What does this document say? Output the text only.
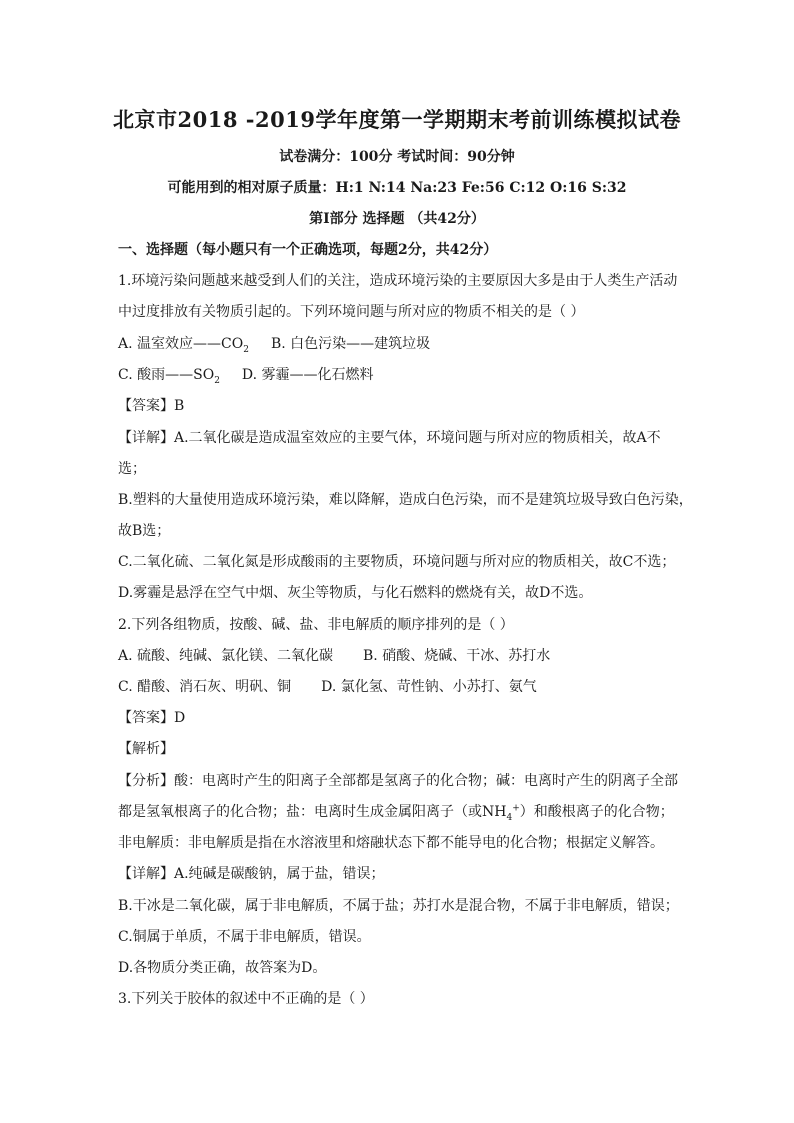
北京市2018 -2019学年度第一学期期末考前训练模拟试卷
试卷满分：100分 考试时间：90分钟
可能用到的相对原子质量：H:1 N:14 Na:23 Fe:56 C:12 O:16 S:32
第Ⅰ部分 选择题 （共42分）
一、选择题（每小题只有一个正确选项，每题2分，共42分）
1.环境污染问题越来越受到人们的关注，造成环境污染的主要原因大多是由于人类生产活动
中过度排放有关物质引起的。下列环境问题与所对应的物质不相关的是（ ）
A. 温室效应$——CO_2$ B. 白色污染——建筑垃圾
C. 酸雨$——SO_2$ D. 雾霾——化石燃料
【答案】B
【详解】A.二氧化碳是造成温室效应的主要气体，环境问题与所对应的物质相关，故A不
选；
B.塑料的大量使用造成环境污染，难以降解，造成白色污染，而不是建筑垃圾导致白色污染，
故B选；
C.二氧化硫、二氧化氮是形成酸雨的主要物质，环境问题与所对应的物质相关，故C不选；
D.雾霾是悬浮在空气中烟、灰尘等物质，与化石燃料的燃烧有关，故D不选。
2.下列各组物质，按酸、碱、盐、非电解质的顺序排列的是（ ）
A. 硫酸、纯碱、氯化镁、二氧化碳 B. 硝酸、烧碱、干冰、苏打水
C. 醋酸、消石灰、明矾、铜 D. 氯化氢、苛性钠、小苏打、氨气
【答案】D
【解析】
【分析】酸：电离时产生的阳离子全部都是氢离子的化合物；碱：电离时产生的阴离子全部
都是氢氧根离子的化合物；盐：电离时生成金属阳离子（或$NH_4^+$）和酸根离子的化合物；
非电解质：非电解质是指在水溶液里和熔融状态下都不能导电的化合物；根据定义解答。
【详解】A.纯碱是碳酸钠，属于盐，错误；
B.干冰是二氧化碳，属于非电解质，不属于盐；苏打水是混合物，不属于非电解质，错误；
C.铜属于单质，不属于非电解质，错误。
D.各物质分类正确，故答案为D。
3.下列关于胶体的叙述中不正确的是（ ）
